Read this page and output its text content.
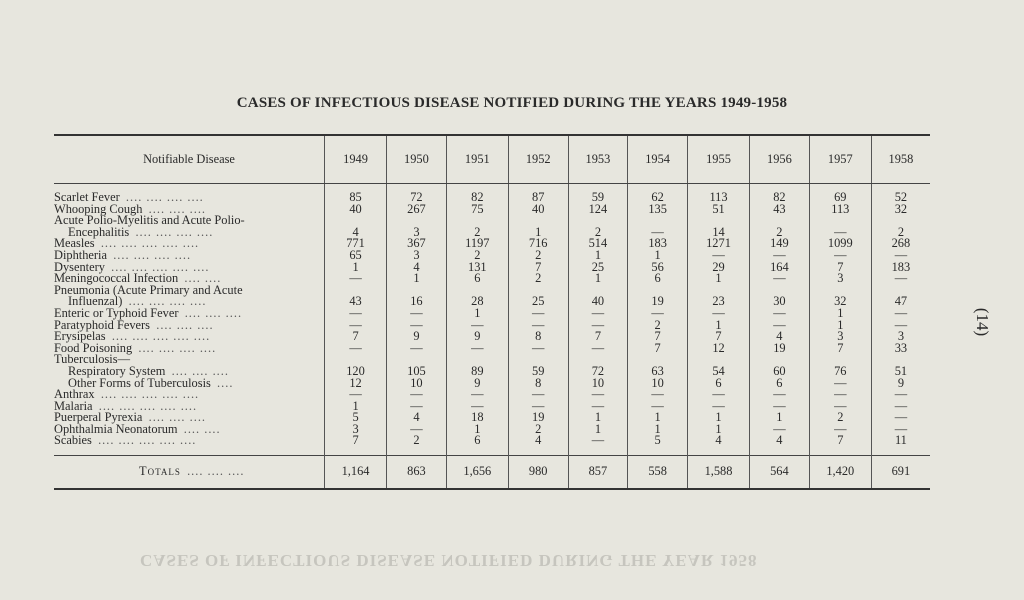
CASES OF INFECTIOUS DISEASE NOTIFIED DURING THE YEARS 1949-1958
(14)
CASES OF INFECTIOUS DISEASE NOTIFIED DURING THE YEAR 1958
Notifiable Disease	1949	1950	1951	1952	1953	1954	1955	1956	1957	1958

Scarlet Fever .... .... .... ....	85	72	82	87	59	62	113	82	69	52
Whooping Cough .... .... ....	40	267	75	40	124	135	51	43	113	32
Acute Polio-Myelitis and Acute Polio-										
Encephalitis .... .... .... ....	4	3	2	1	2	—	14	2	—	2
Measles .... .... .... .... ....	771	367	1197	716	514	183	1271	149	1099	268
Diphtheria .... .... .... ....	65	3	2	2	1	1	—	—	—	—
Dysentery .... .... .... .... ....	1	4	131	7	25	56	29	164	7	183
Meningococcal Infection .... ....	—	1	6	2	1	6	1	—	3	—
Pneumonia (Acute Primary and Acute										
Influenzal) .... .... .... ....	43	16	28	25	40	19	23	30	32	47
Enteric or Typhoid Fever .... .... ....	—	—	1	—	—	—	—	—	1	—
Paratyphoid Fevers .... .... ....	—	—	—	—	—	2	1	—	1	—
Erysipelas .... .... .... .... ....	7	9	9	8	7	7	7	4	3	3
Food Poisoning .... .... .... ....	—	—	—	—	—	7	12	19	7	33
Tuberculosis—										
Respiratory System .... .... ....	120	105	89	59	72	63	54	60	76	51
Other Forms of Tuberculosis ....	12	10	9	8	10	10	6	6	—	9
Anthrax .... .... .... .... ....	—	—	—	—	—	—	—	—	—	—
Malaria .... .... .... .... ....	1	—	—	—	—	—	—	—	—	—
Puerperal Pyrexia .... .... ....	5	4	18	19	1	1	1	1	2	—
Ophthalmia Neonatorum .... ....	3	—	1	2	1	1	1	—	—	—
Scabies .... .... .... .... ....	7	2	6	4	—	5	4	4	7	11

Totals .... .... ....	1,164	863	1,656	980	857	558	1,588	564	1,420	691
